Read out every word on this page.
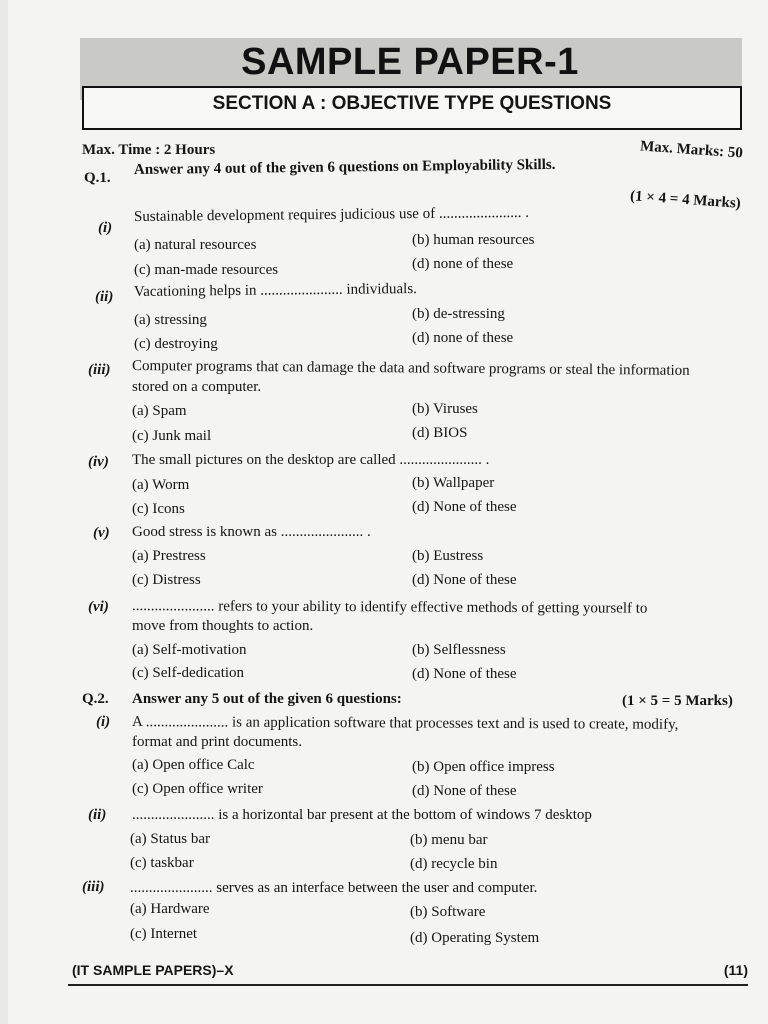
SAMPLE PAPER-1
SECTION A : OBJECTIVE TYPE QUESTIONS
Max. Time : 2 Hours	Max. Marks: 50
Q.1.
Answer any 4 out of the given 6 questions on Employability Skills.
(1 × 4 = 4 Marks)
(i)
Sustainable development requires judicious use of ...................... .
(a) natural resources	(b) human resources
(c) man-made resources	(d) none of these
(ii) Vacationing helps in ...................... individuals.
(a) stressing	(b) de-stressing
(c) destroying	(d) none of these
(iii) Computer programs that can damage the data and software programs or steal the information
stored on a computer.
(a) Spam	(b) Viruses
(c) Junk mail	(d) BIOS
(iv) The small pictures on the desktop are called ...................... .
(a) Worm	(b) Wallpaper
(c) Icons	(d) None of these
(v) Good stress is known as ...................... .
(a) Prestress	(b) Eustress
(c) Distress	(d) None of these
(vi) ...................... refers to your ability to identify effective methods of getting yourself to
move from thoughts to action.
(a) Self-motivation	(b) Selflessness
(c) Self-dedication	(d) None of these
Q.2. Answer any 5 out of the given 6 questions:	(1 × 5 = 5 Marks)
(i) A ...................... is an application software that processes text and is used to create, modify,
format and print documents.
(a) Open office Calc	(b) Open office impress
(c) Open office writer	(d) None of these
(ii) ...................... is a horizontal bar present at the bottom of windows 7 desktop
(a) Status bar	(b) menu bar
(c) taskbar	(d) recycle bin
(iii) ...................... serves as an interface between the user and computer.
(a) Hardware	(b) Software
(c) Internet	(d) Operating System
(IT SAMPLE PAPERS)–X	(11)
